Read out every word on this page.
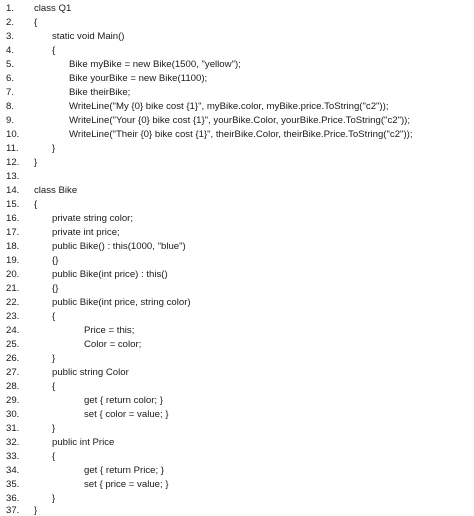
1.	class Q1
2.	{
3.	static void Main()
4.	{
5.	Bike myBike = new Bike(1500, "yellow");
6.	Bike yourBike = new Bike(1100);
7.	Bike theirBike;
8.	WriteLine("My {0} bike cost {1}", myBike.color, myBike.price.ToString("c2"));
9.	WriteLine("Your {0} bike cost {1}", yourBike.Color, yourBike.Price.ToString("c2"));
10.	WriteLine("Their {0} bike cost {1}", theirBike.Color, theirBike.Price.ToString("c2"));
11.	}
12.	}
13.
14.	class Bike
15.	{
16.	private string color;
17.	private int price;
18.	public Bike() : this(1000, "blue")
19.	{}
20.	public Bike(int price) : this()
21.	{}
22.	public Bike(int price, string color)
23.	{
24.	Price = this;
25.	Color = color;
26.	}
27.	public string Color
28.	{
29.	get { return color; }
30.	set { color = value; }
31.	}
32.	public int Price
33.	{
34.	get { return Price; }
35.	set { price = value; }
36.	}
37.	}
